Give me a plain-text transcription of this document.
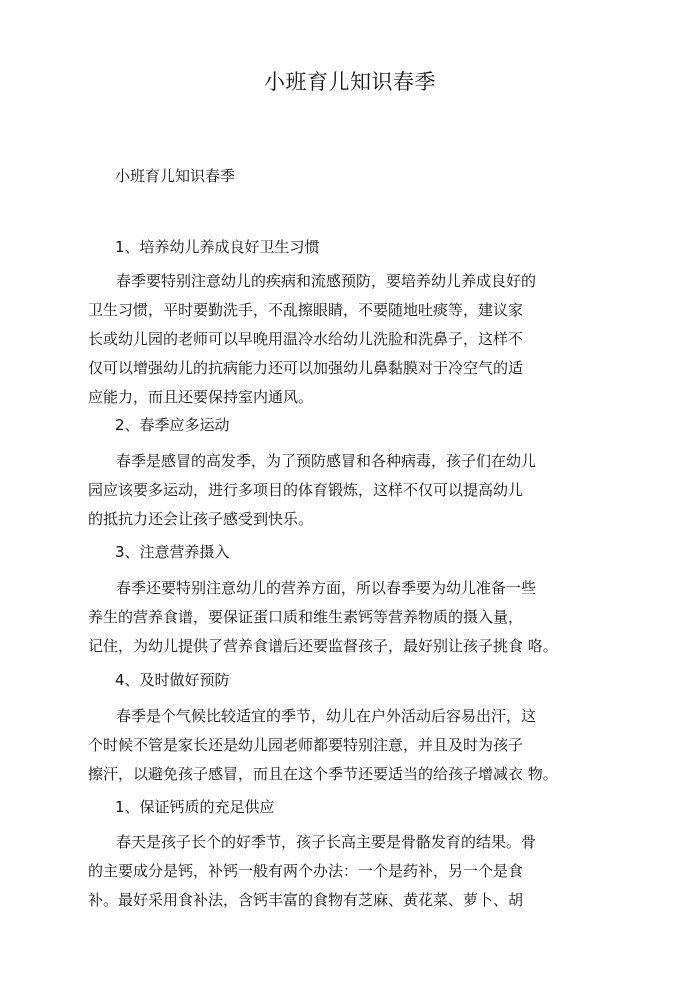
小班育儿知识春季
小班育儿知识春季
1、培养幼儿养成良好卫生习惯
春季要特别注意幼儿的疾病和流感预防，要培养幼儿养成良好的
卫生习惯，平时要勤洗手，不乱擦眼睛，不要随地吐痰等，建议家
长或幼儿园的老师可以早晚用温冷水给幼儿洗脸和洗鼻子，这样不
仅可以增强幼儿的抗病能力还可以加强幼儿鼻黏膜对于冷空气的适
应能力，而且还要保持室内通风。
2、春季应多运动
春季是感冒的高发季，为了预防感冒和各种病毒，孩子们在幼儿
园应该要多运动，进行多项目的体育锻炼，这样不仅可以提高幼儿
的抵抗力还会让孩子感受到快乐。
3、注意营养摄入
春季还要特别注意幼儿的营养方面，所以春季要为幼儿准备一些
养生的营养食谱，要保证蛋口质和维生素钙等营养物质的摄入量，
记住，为幼儿提供了营养食谱后还要监督孩子，最好别让孩子挑食 咯。
4、及时做好预防
春季是个气候比较适宜的季节，幼儿在户外活动后容易出汗，这
个时候不管是家长还是幼儿园老师都要特别注意，并且及时为孩子
擦汗，以避免孩子感冒，而且在这个季节还要适当的给孩子增减衣 物。
1、保证钙质的充足供应
春天是孩子长个的好季节，孩子长高主要是骨骼发育的结果。骨
的主要成分是钙，补钙一般有两个办法：一个是药补，另一个是食
补。最好采用食补法，含钙丰富的食物有芝麻、黄花菜、萝卜、胡
